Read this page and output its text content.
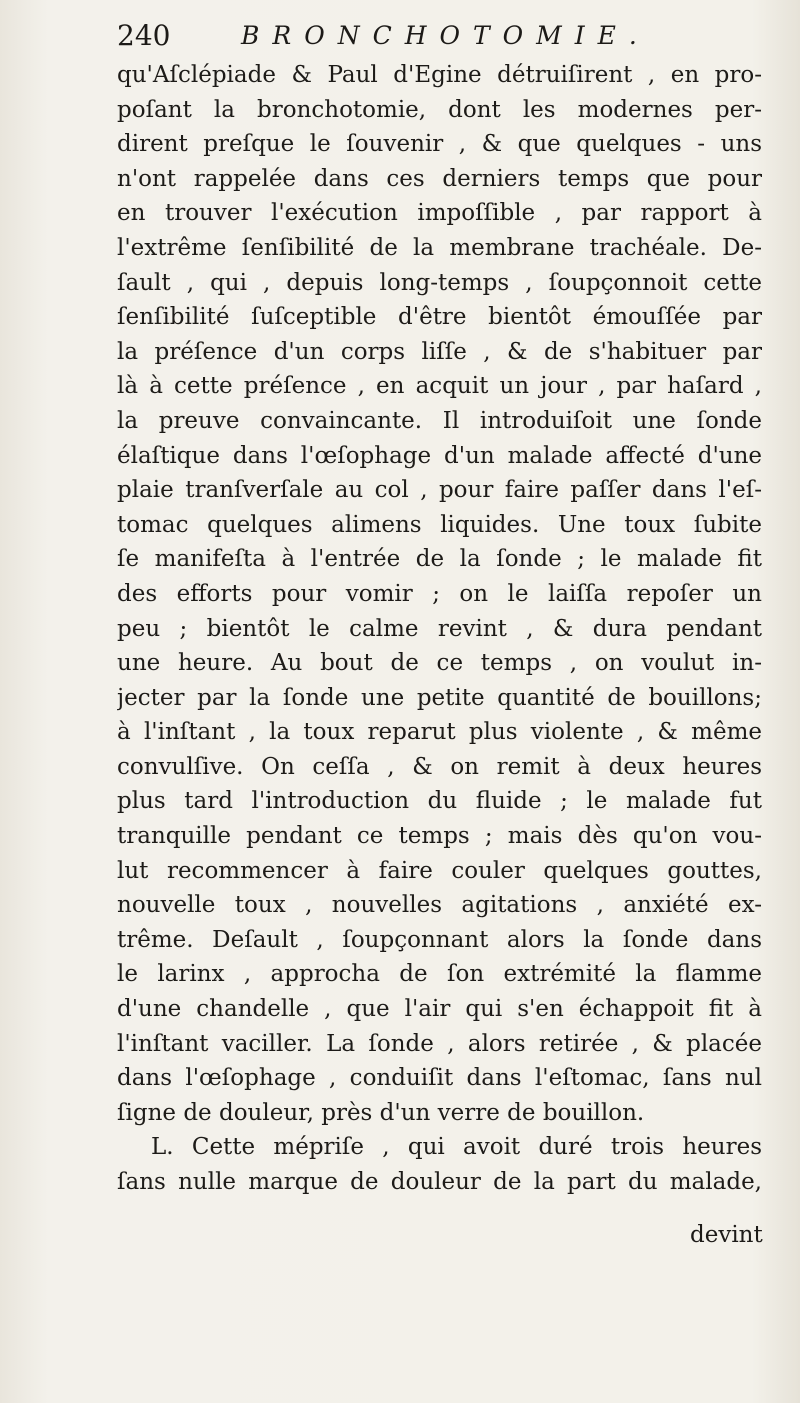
240	BRONCHOTOMIE.
qu'Aſclépiade & Paul d'Egine détruiſirent , en pro-
poſant la bronchotomie, dont les modernes per-
dirent preſque le ſouvenir , & que quelques - uns
n'ont rappelée dans ces derniers temps que pour
en trouver l'exécution impoſſible , par rapport à
l'extrême ſenſibilité de la membrane trachéale. De-
ſault , qui , depuis long-temps , ſoupçonnoit cette
ſenſibilité ſuſceptible d'être bientôt émouſſée par
la préſence d'un corps liſſe , & de s'habituer par
là à cette préſence , en acquit un jour , par haſard ,
la preuve convaincante. Il introduiſoit une ſonde
élaſtique dans l'œſophage d'un malade affecté d'une
plaie tranſverſale au col , pour faire paſſer dans l'eſ-
tomac quelques alimens liquides. Une toux ſubite
ſe manifeſta à l'entrée de la ſonde ; le malade fit
des efforts pour vomir ; on le laiſſa repoſer un
peu ; bientôt le calme revint , & dura pendant
une heure. Au bout de ce temps , on voulut in-
jecter par la ſonde une petite quantité de bouillons;
à l'inſtant , la toux reparut plus violente , & même
convulſive. On ceſſa , & on remit à deux heures
plus tard l'introduction du fluide ; le malade fut
tranquille pendant ce temps ; mais dès qu'on vou-
lut recommencer à faire couler quelques gouttes,
nouvelle toux , nouvelles agitations , anxiété ex-
trême. Deſault , ſoupçonnant alors la ſonde dans
le larinx , approcha de ſon extrémité la flamme
d'une chandelle , que l'air qui s'en échappoit fit à
l'inſtant vaciller. La ſonde , alors retirée , & placée
dans l'œſophage , conduiſit dans l'eſtomac, ſans nul
ſigne de douleur, près d'un verre de bouillon.
L. Cette mépriſe , qui avoit duré trois heures
ſans nulle marque de douleur de la part du malade,
devint
